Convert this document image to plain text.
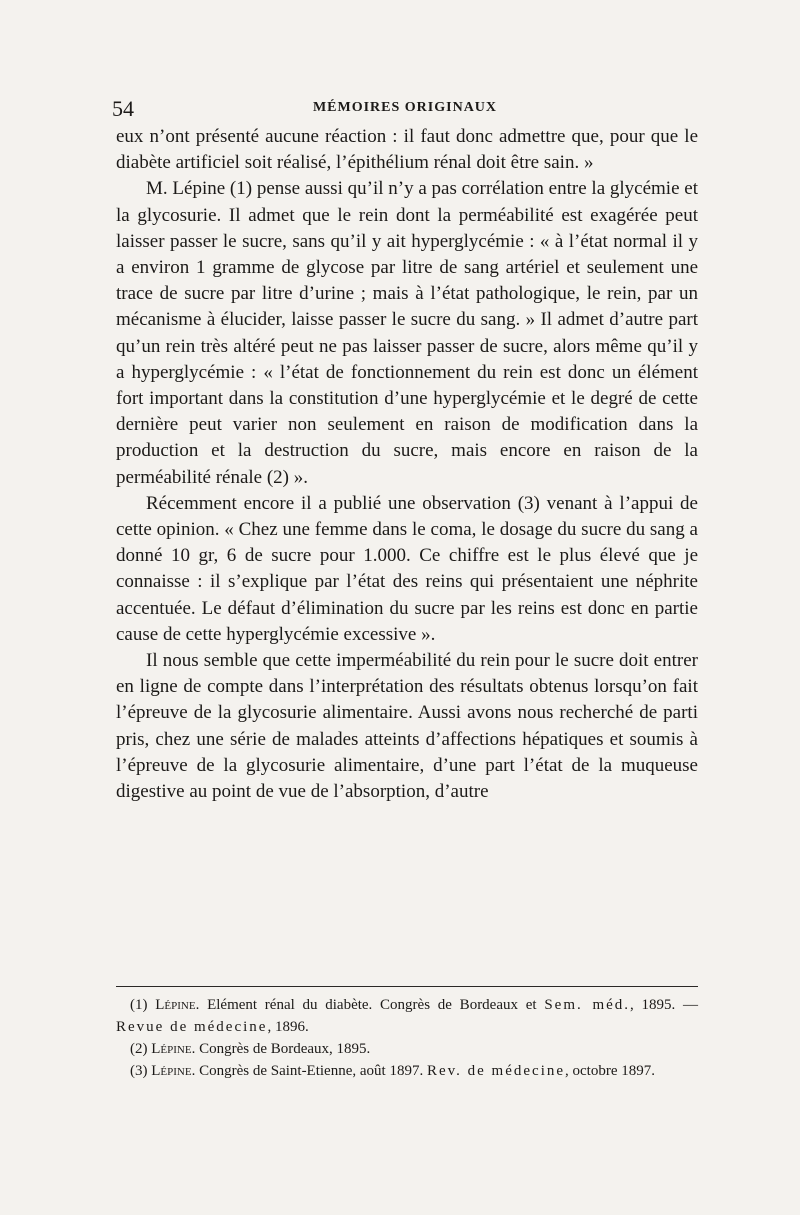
54	MÉMOIRES ORIGINAUX

eux n’ont présenté aucune réaction : il faut donc admettre que, pour que le diabète artificiel soit réalisé, l’épithélium rénal doit être sain. »

M. Lépine (1) pense aussi qu’il n’y a pas corrélation entre la glycémie et la glycosurie. Il admet que le rein dont la perméabilité est exagérée peut laisser passer le sucre, sans qu’il y ait hyperglycémie : « à l’état normal il y a environ 1 gramme de glycose par litre de sang artériel et seulement une trace de sucre par litre d’urine ; mais à l’état pathologique, le rein, par un mécanisme à élucider, laisse passer le sucre du sang. » Il admet d’autre part qu’un rein très altéré peut ne pas laisser passer de sucre, alors même qu’il y a hyperglycémie : « l’état de fonctionnement du rein est donc un élément fort important dans la constitution d’une hyperglycémie et le degré de cette dernière peut varier non seulement en raison de modification dans la production et la destruction du sucre, mais encore en raison de la perméabilité rénale (2) ».

Récemment encore il a publié une observation (3) venant à l’appui de cette opinion. « Chez une femme dans le coma, le dosage du sucre du sang a donné 10 gr, 6 de sucre pour 1.000. Ce chiffre est le plus élevé que je connaisse : il s’explique par l’état des reins qui présentaient une néphrite accentuée. Le défaut d’élimination du sucre par les reins est donc en partie cause de cette hyperglycémie excessive ».

Il nous semble que cette imperméabilité du rein pour le sucre doit entrer en ligne de compte dans l’interprétation des résultats obtenus lorsqu’on fait l’épreuve de la glycosurie alimentaire. Aussi avons nous recherché de parti pris, chez une série de malades atteints d’affections hépatiques et soumis à l’épreuve de la glycosurie alimentaire, d’une part l’état de la muqueuse digestive au point de vue de l’absorption, d’autre

(1) Lépine. Elément rénal du diabète. Congrès de Bordeaux et Sem. méd., 1895. — Revue de médecine, 1896.

(2) Lépine. Congrès de Bordeaux, 1895.

(3) Lépine. Congrès de Saint-Etienne, août 1897. Rev. de médecine, octobre 1897.
